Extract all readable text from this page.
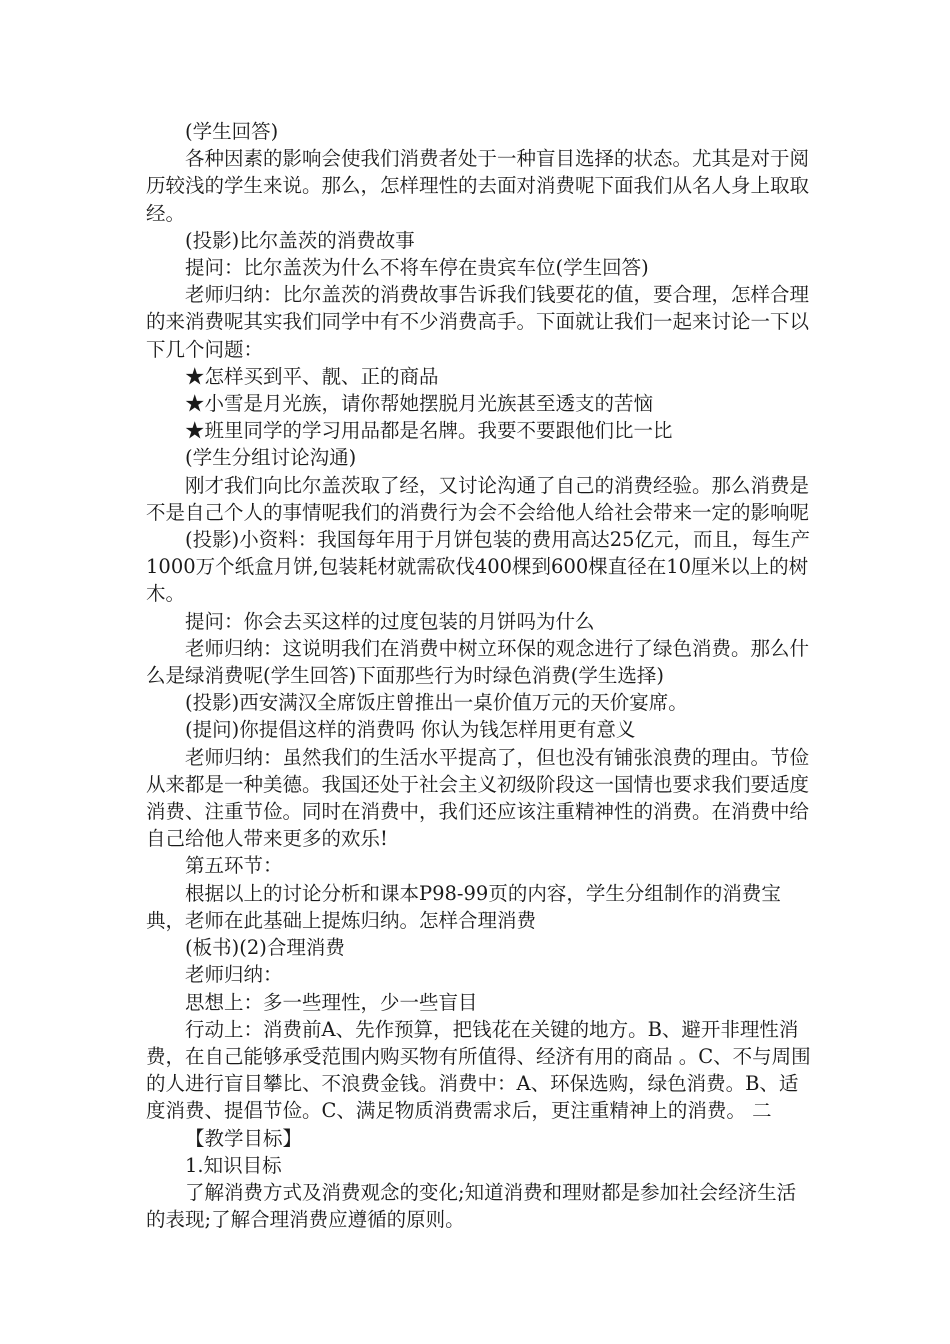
(学生回答)

各种因素的影响会使我们消费者处于一种盲目选择的状态。尤其是对于阅历较浅的学生来说。那么，怎样理性的去面对消费呢下面我们从名人身上取取经。

(投影)比尔盖茨的消费故事

提问：比尔盖茨为什么不将车停在贵宾车位(学生回答)

老师归纳：比尔盖茨的消费故事告诉我们钱要花的值，要合理，怎样合理的来消费呢其实我们同学中有不少消费高手。下面就让我们一起来讨论一下以下几个问题：

★怎样买到平、靓、正的商品

★小雪是月光族，请你帮她摆脱月光族甚至透支的苦恼

★班里同学的学习用品都是名牌。我要不要跟他们比一比

(学生分组讨论沟通)

刚才我们向比尔盖茨取了经，又讨论沟通了自己的消费经验。那么消费是不是自己个人的事情呢我们的消费行为会不会给他人给社会带来一定的影响呢

(投影)小资料：我国每年用于月饼包装的费用高达25亿元，而且，每生产1000万个纸盒月饼,包装耗材就需砍伐400棵到600棵直径在10厘米以上的树木。

提问：你会去买这样的过度包装的月饼吗为什么

老师归纳：这说明我们在消费中树立环保的观念进行了绿色消费。那么什么是绿消费呢(学生回答)下面那些行为时绿色消费(学生选择)

(投影)西安满汉全席饭庄曾推出一桌价值万元的天价宴席。

(提问)你提倡这样的消费吗 你认为钱怎样用更有意义

老师归纳：虽然我们的生活水平提高了，但也没有铺张浪费的理由。节俭从来都是一种美德。我国还处于社会主义初级阶段这一国情也要求我们要适度消费、注重节俭。同时在消费中，我们还应该注重精神性的消费。在消费中给自己给他人带来更多的欢乐!

第五环节：

根据以上的讨论分析和课本P98-99页的内容，学生分组制作的消费宝典，老师在此基础上提炼归纳。怎样合理消费

(板书)(2)合理消费

老师归纳：

思想上：多一些理性，少一些盲目

行动上：消费前A、先作预算，把钱花在关键的地方。B、避开非理性消费，在自己能够承受范围内购买物有所值得、经济有用的商品 。C、不与周围的人进行盲目攀比、不浪费金钱。消费中：A、环保选购，绿色消费。B、适度消费、提倡节俭。C、满足物质消费需求后，更注重精神上的消费。 二

【教学目标】

1.知识目标

了解消费方式及消费观念的变化;知道消费和理财都是参加社会经济生活的表现;了解合理消费应遵循的原则。
